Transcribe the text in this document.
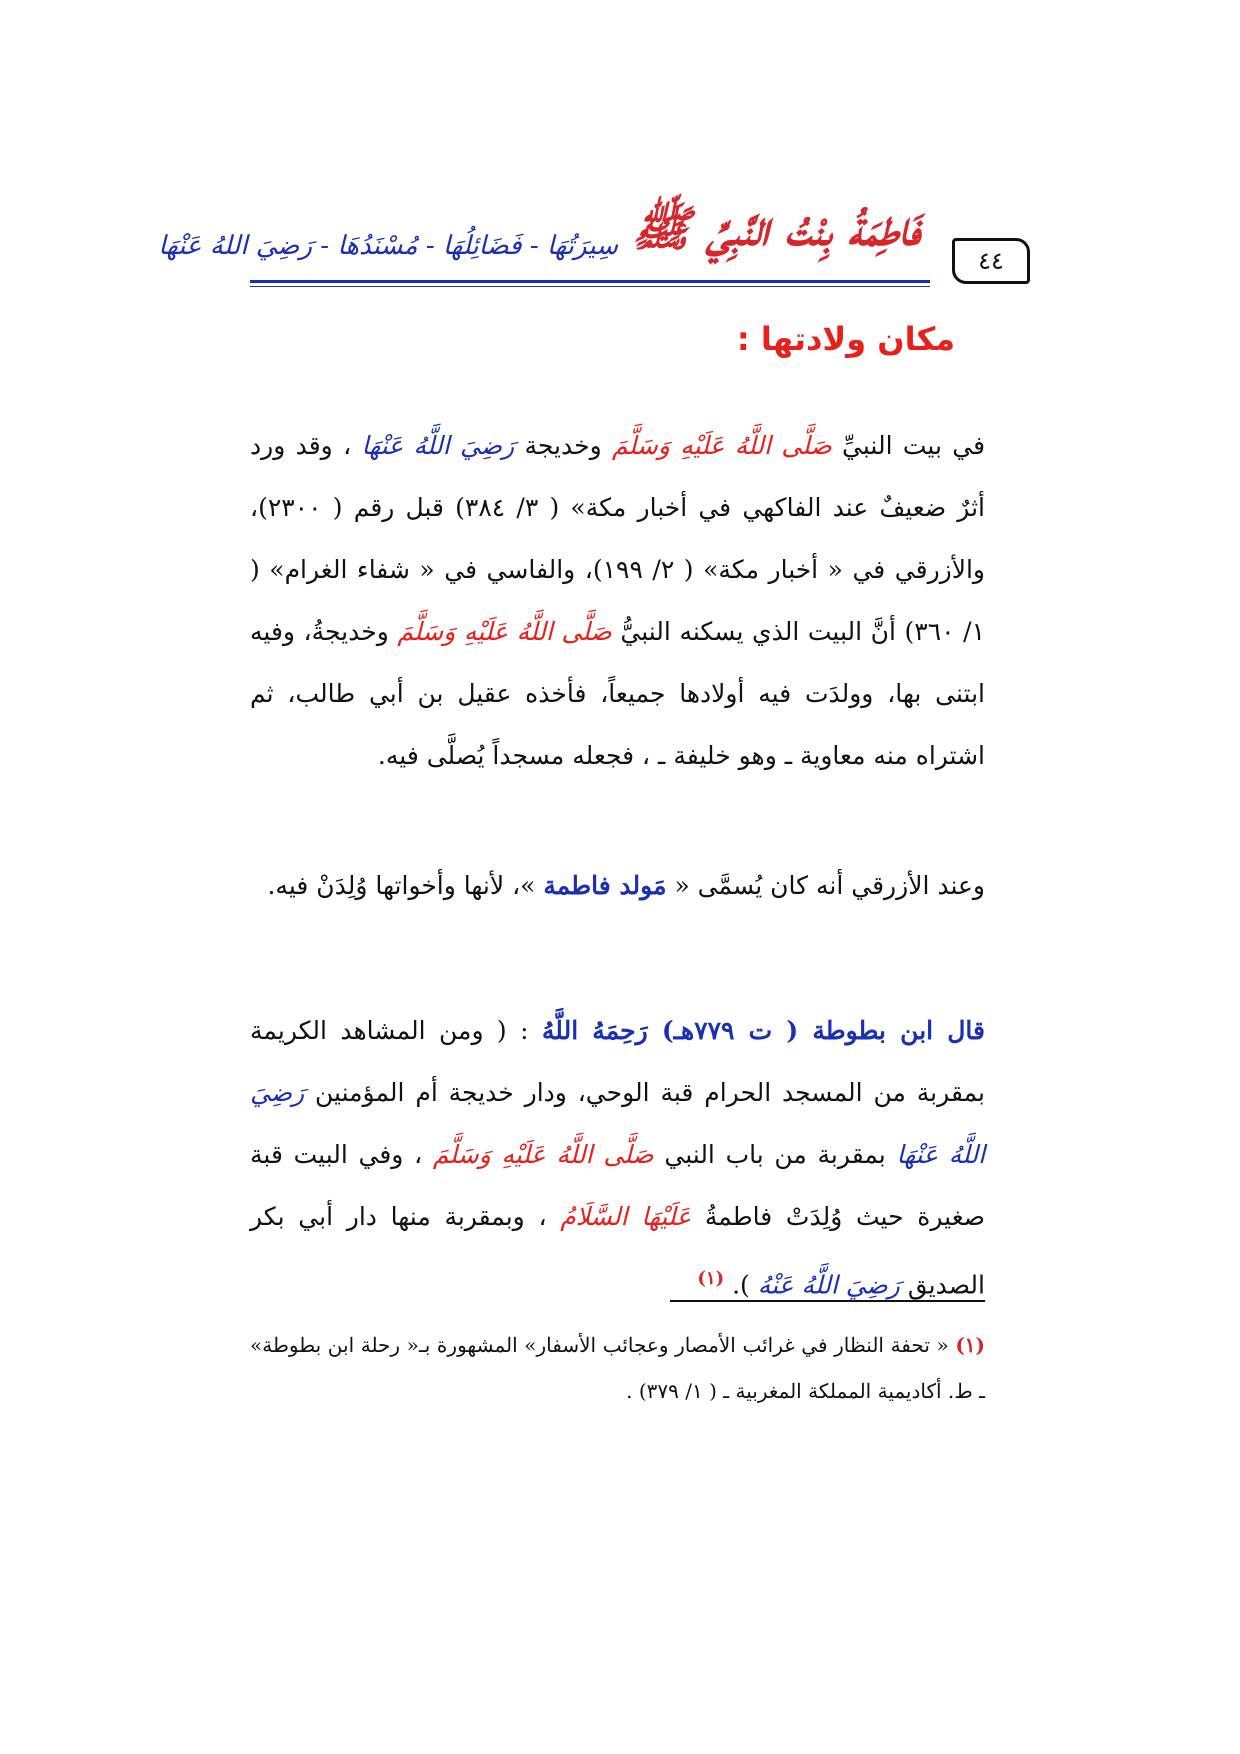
٤٤
فَاطِمَةُ بِنْتُ النَّبِيِّ ﷺ
سِيرَتُهَا - فَضَائِلُهَا - مُسْنَدُهَا - رَضِيَ اللهُ عَنْهَا
مكان ولادتها :
في بيت النبيِّ صَلَّى اللَّهُ عَلَيْهِ وَسَلَّمَ وخديجة رَضِيَ اللَّهُ عَنْهَا ، وقد ورد أثرٌ ضعيفٌ عند الفاكهي في أخبار مكة» ( ٣/ ٣٨٤) قبل رقم ( ٢٣٠٠)، والأزرقي في « أخبار مكة» ( ٢/ ١٩٩)، والفاسي في « شفاء الغرام» ( ١/ ٣٦٠) أنَّ البيت الذي يسكنه النبيُّ صَلَّى اللَّهُ عَلَيْهِ وَسَلَّمَ وخديجةُ، وفيه ابتنى بها، وولدَت فيه أولادها جميعاً، فأخذه عقيل بن أبي طالب، ثم اشتراه منه معاوية ـ وهو خليفة ـ ، فجعله مسجداً يُصلَّى فيه.
وعند الأزرقي أنه كان يُسمَّى « مَولد فاطمة »، لأنها وأخواتها وُلِدَنْ فيه.
قال ابن بطوطة ( ت ٧٧٩هـ) رَحِمَهُ اللَّهُ : ( ومن المشاهد الكريمة بمقربة من المسجد الحرام قبة الوحي، ودار خديجة أم المؤمنين رَضِيَ اللَّهُ عَنْهَا بمقربة من باب النبي صَلَّى اللَّهُ عَلَيْهِ وَسَلَّمَ ، وفي البيت قبة صغيرة حيث وُلِدَتْ فاطمةُ عَلَيْهَا السَّلَامُ ، وبمقربة منها دار أبي بكر الصديق رَضِيَ اللَّهُ عَنْهُ ). $^{(١)}$
(١) « تحفة النظار في غرائب الأمصار وعجائب الأسفار» المشهورة بـ« رحلة ابن بطوطة» ـ ط. أكاديمية المملكة المغربية ـ ( ١/ ٣٧٩) .
